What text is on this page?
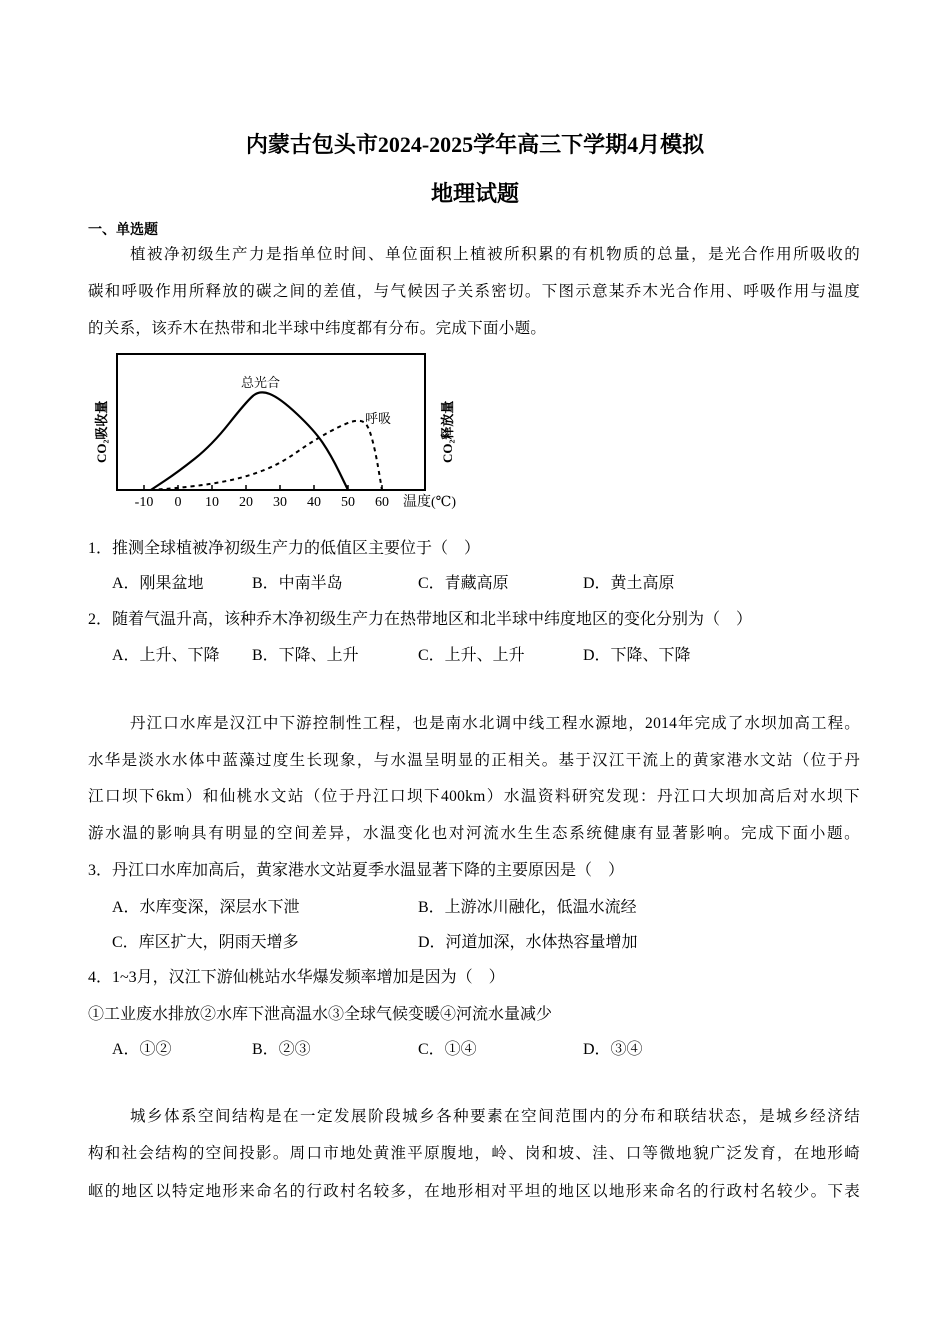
内蒙古包头市2024-2025学年高三下学期4月模拟
地理试题
一、单选题
植被净初级生产力是指单位时间、单位面积上植被所积累的有机物质的总量，是光合作用所吸收的
碳和呼吸作用所释放的碳之间的差值，与气候因子关系密切。下图示意某乔木光合作用、呼吸作用与温度
的关系，该乔木在热带和北半球中纬度都有分布。完成下面小题。
-10 0 10 20 30 40 50 60
CO₂吸收量	CO₂释放量
温度(℃)
总光合
呼吸
1．推测全球植被净初级生产力的低值区主要位于（　）
A．刚果盆地	B．中南半岛	C．青藏高原	D．黄土高原
2．随着气温升高，该种乔木净初级生产力在热带地区和北半球中纬度地区的变化分别为（　）
A．上升、下降 B．下降、上升	C．上升、上升	D．下降、下降
丹江口水库是汉江中下游控制性工程，也是南水北调中线工程水源地，2014年完成了水坝加高工程。
水华是淡水水体中蓝藻过度生长现象，与水温呈明显的正相关。基于汉江干流上的黄家港水文站（位于丹
江口坝下6km）和仙桃水文站（位于丹江口坝下400km）水温资料研究发现：丹江口大坝加高后对水坝下
游水温的影响具有明显的空间差异，水温变化也对河流水生生态系统健康有显著影响。完成下面小题。
3．丹江口水库加高后，黄家港水文站夏季水温显著下降的主要原因是（　）
A．水库变深，深层水下泄	B．上游冰川融化，低温水流经
C．库区扩大，阴雨天增多	D．河道加深，水体热容量增加
4．1~3月，汉江下游仙桃站水华爆发频率增加是因为（　）
①工业废水排放②水库下泄高温水③全球气候变暖④河流水量减少
A．①②	B．②③	C．①④	D．③④
城乡体系空间结构是在一定发展阶段城乡各种要素在空间范围内的分布和联结状态，是城乡经济结
构和社会结构的空间投影。周口市地处黄淮平原腹地，岭、岗和坡、洼、口等微地貌广泛发育，在地形崎
岖的地区以特定地形来命名的行政村名较多，在地形相对平坦的地区以地形来命名的行政村名较少。下表
